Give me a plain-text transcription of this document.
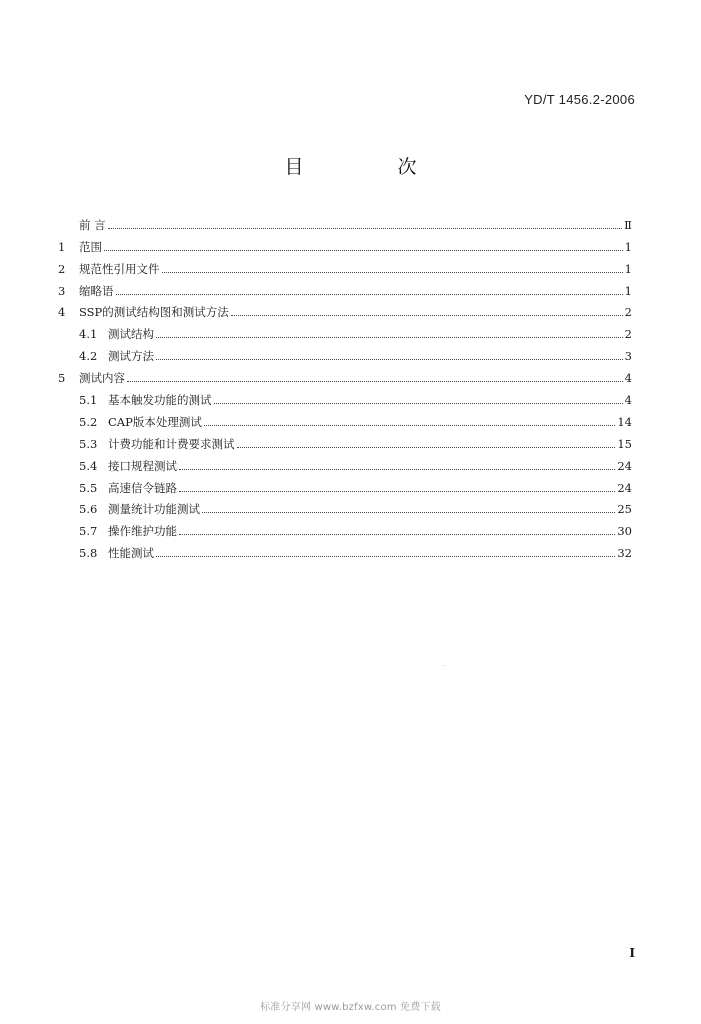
YD/T 1456.2-2006
目 次
前 言	Ⅱ
1	范围	1
2	规范性引用文件	1
3	缩略语	1
4	SSP的测试结构图和测试方法	2
4.1 测试结构	2
4.2 测试方法	3
5	测试内容	4
5.1 基本触发功能的测试	4
5.2 CAP版本处理测试	14
5.3 计费功能和计费要求测试	15
5.4 接口规程测试	24
5.5 高速信令链路	24
5.6 测量统计功能测试	25
5.7 操作维护功能	30
5.8 性能测试	32
I
标准分享网 www.bzfxw.com 免费下载
